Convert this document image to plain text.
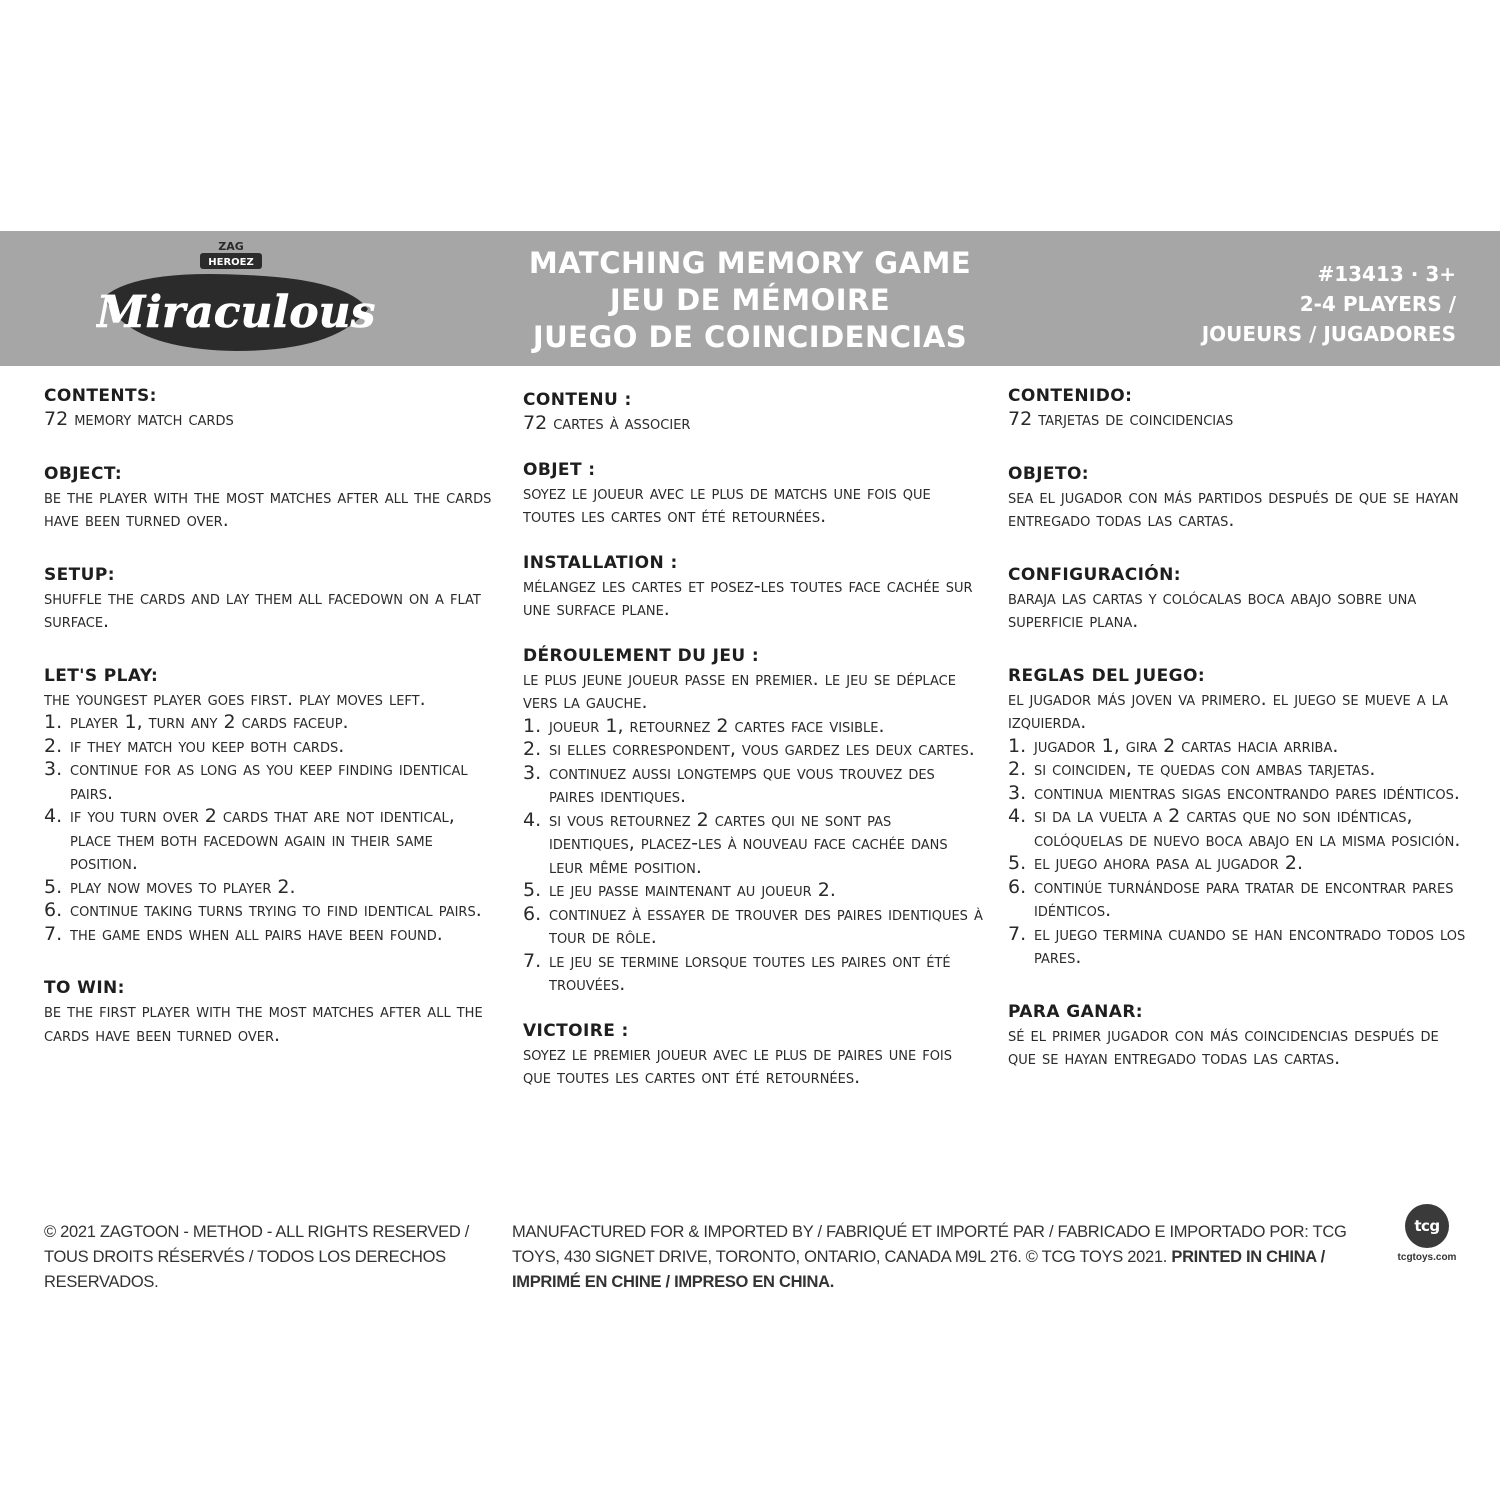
ZAG
HEROEZ
Miraculous
MATCHING MEMORY GAME
JEU DE MÉMOIRE
JUEGO DE COINCIDENCIAS
#13413 · 3+
2-4 PLAYERS /
JOUEURS / JUGADORES
CONTENTS:
72 memory match cards
OBJECT:
be the player with the most matches after all the cards have been turned over.
SETUP:
shuffle the cards and lay them all facedown on a flat surface.
LET'S PLAY:
the youngest player goes first. play moves left.
1. player 1, turn any 2 cards faceup.
2. if they match you keep both cards.
3. continue for as long as you keep finding identical pairs.
4. if you turn over 2 cards that are not identical, place them both facedown again in their same position.
5. play now moves to player 2.
6. continue taking turns trying to find identical pairs.
7. the game ends when all pairs have been found.
TO WIN:
be the first player with the most matches after all the cards have been turned over.
CONTENU :
72 cartes à associer
OBJET :
soyez le joueur avec le plus de matchs une fois que toutes les cartes ont été retournées.
INSTALLATION :
mélangez les cartes et posez-les toutes face cachée sur une surface plane.
DÉROULEMENT DU JEU :
le plus jeune joueur passe en premier. le jeu se déplace vers la gauche.
1. joueur 1, retournez 2 cartes face visible.
2. si elles correspondent, vous gardez les deux cartes.
3. continuez aussi longtemps que vous trouvez des paires identiques.
4. si vous retournez 2 cartes qui ne sont pas identiques, placez-les à nouveau face cachée dans leur même position.
5. le jeu passe maintenant au joueur 2.
6. continuez à essayer de trouver des paires identiques à tour de rôle.
7. le jeu se termine lorsque toutes les paires ont été trouvées.
VICTOIRE :
soyez le premier joueur avec le plus de paires une fois que toutes les cartes ont été retournées.
CONTENIDO:
72 tarjetas de coincidencias
OBJETO:
sea el jugador con más partidos después de que se hayan entregado todas las cartas.
CONFIGURACIÓN:
baraja las cartas y colócalas boca abajo sobre una superficie plana.
REGLAS DEL JUEGO:
el jugador más joven va primero. el juego se mueve a la izquierda.
1. jugador 1, gira 2 cartas hacia arriba.
2. si coinciden, te quedas con ambas tarjetas.
3. continua mientras sigas encontrando pares idénticos.
4. si da la vuelta a 2 cartas que no son idénticas, colóquelas de nuevo boca abajo en la misma posición.
5. el juego ahora pasa al jugador 2.
6. continúe turnándose para tratar de encontrar pares idénticos.
7. el juego termina cuando se han encontrado todos los pares.
PARA GANAR:
sé el primer jugador con más coincidencias después de que se hayan entregado todas las cartas.
© 2021 ZAGTOON - METHOD - ALL RIGHTS RESERVED / TOUS DROITS RÉSERVÉS / TODOS LOS DERECHOS RESERVADOS.
MANUFACTURED FOR & IMPORTED BY / FABRIQUÉ ET IMPORTÉ PAR / FABRICADO E IMPORTADO POR: TCG TOYS, 430 SIGNET DRIVE, TORONTO, ONTARIO, CANADA M9L 2T6. © TCG TOYS 2021. PRINTED IN CHINA / IMPRIMÉ EN CHINE / IMPRESO EN CHINA.
tcg
tcgtoys.com
